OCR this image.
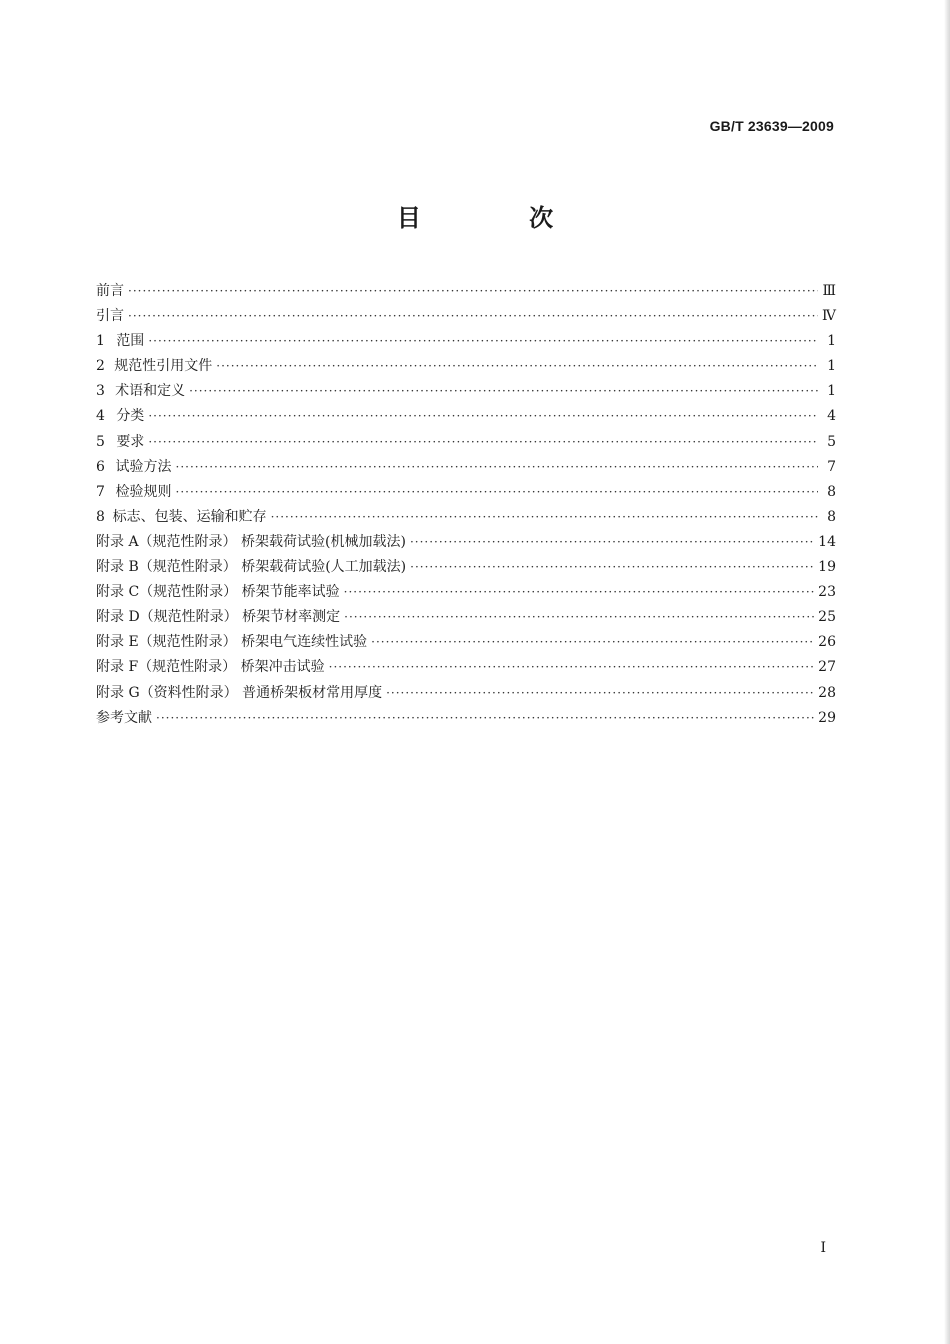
GB/T 23639—2009
目 次
前言 ·····	Ⅲ
引言 ·····	Ⅳ
1 范围 ·····	1
2 规范性引用文件 ·····	1
3 术语和定义 ·····	1
4 分类 ·····	4
5 要求 ·····	5
6 试验方法 ·····	7
7 检验规则 ·····	8
8 标志、包装、运输和贮存 ·····	8
附录 A（规范性附录） 桥架载荷试验(机械加载法) ·····	14
附录 B（规范性附录） 桥架载荷试验(人工加载法) ·····	19
附录 C（规范性附录） 桥架节能率试验 ·····	23
附录 D（规范性附录） 桥架节材率测定 ·····	25
附录 E（规范性附录） 桥架电气连续性试验 ·····	26
附录 F（规范性附录） 桥架冲击试验 ·····	27
附录 G（资料性附录） 普通桥架板材常用厚度 ·····	28
参考文献 ·····	29
I
